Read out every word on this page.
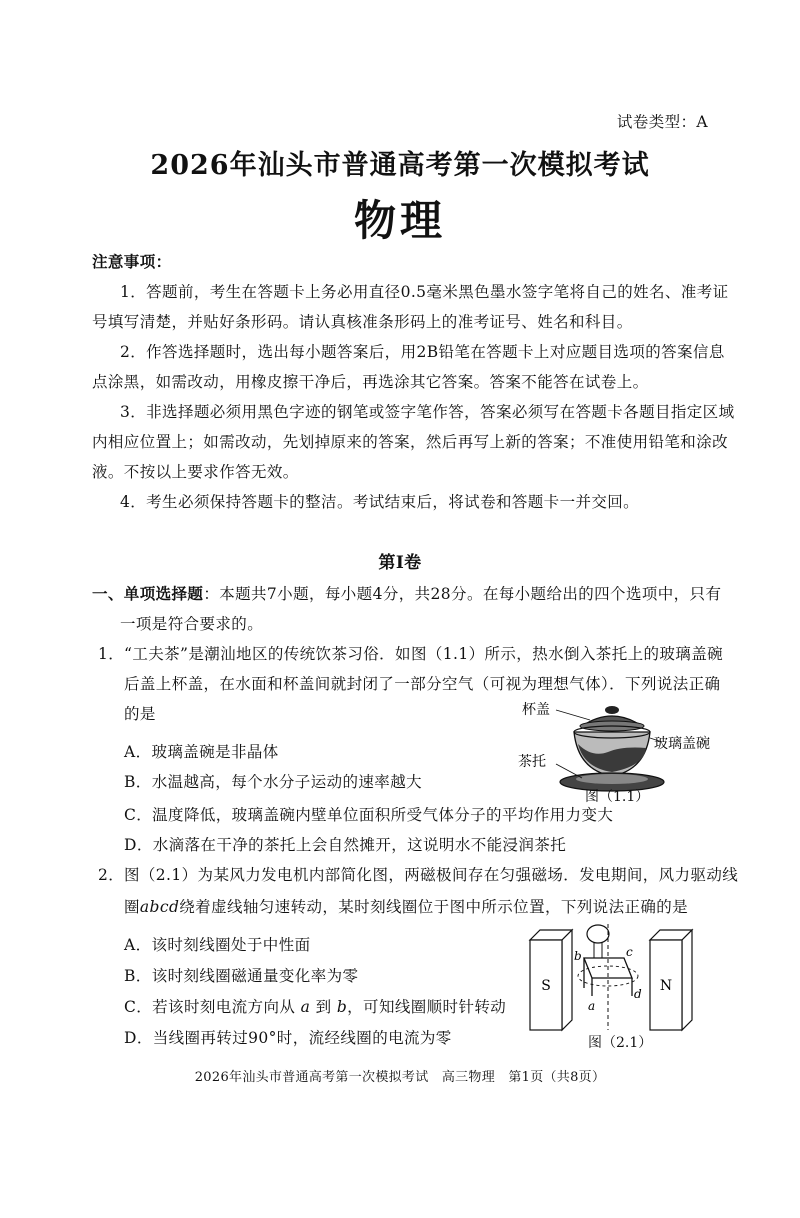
试卷类型：A
2026年汕头市普通高考第一次模拟考试
物理
注意事项：
1．答题前，考生在答题卡上务必用直径0.5毫米黑色墨水签字笔将自己的姓名、准考证
号填写清楚，并贴好条形码。请认真核准条形码上的准考证号、姓名和科目。
2．作答选择题时，选出每小题答案后，用2B铅笔在答题卡上对应题目选项的答案信息
点涂黑，如需改动，用橡皮擦干净后，再选涂其它答案。答案不能答在试卷上。
3．非选择题必须用黑色字迹的钢笔或签字笔作答，答案必须写在答题卡各题目指定区域
内相应位置上；如需改动，先划掉原来的答案，然后再写上新的答案；不准使用铅笔和涂改
液。不按以上要求作答无效。
4．考生必须保持答题卡的整洁。考试结束后，将试卷和答题卡一并交回。
第Ⅰ卷
一、单项选择题：本题共7小题，每小题4分，共28分。在每小题给出的四个选项中，只有
一项是符合要求的。
1． “工夫茶”是潮汕地区的传统饮茶习俗．如图（1.1）所示，热水倒入茶托上的玻璃盖碗
后盖上杯盖，在水面和杯盖间就封闭了一部分空气（可视为理想气体）．下列说法正确
的是
A．玻璃盖碗是非晶体
B．水温越高，每个水分子运动的速率越大
C．温度降低，玻璃盖碗内壁单位面积所受气体分子的平均作用力变大
D．水滴落在干净的茶托上会自然摊开，这说明水不能浸润茶托
杯盖
玻璃盖碗
茶托
图（1.1）
2． 图（2.1）为某风力发电机内部简化图，两磁极间存在匀强磁场．发电期间，风力驱动线
圈abcd绕着虚线轴匀速转动，某时刻线圈位于图中所示位置，下列说法正确的是
A．该时刻线圈处于中性面
B．该时刻线圈磁通量变化率为零
C．若该时刻电流方向从 a 到 b，可知线圈顺时针转动
D．当线圈再转过90°时，流经线圈的电流为零
S	N
b	c
a
d
图（2.1）
2026年汕头市普通高考第一次模拟考试　高三物理　第1页（共8页）
